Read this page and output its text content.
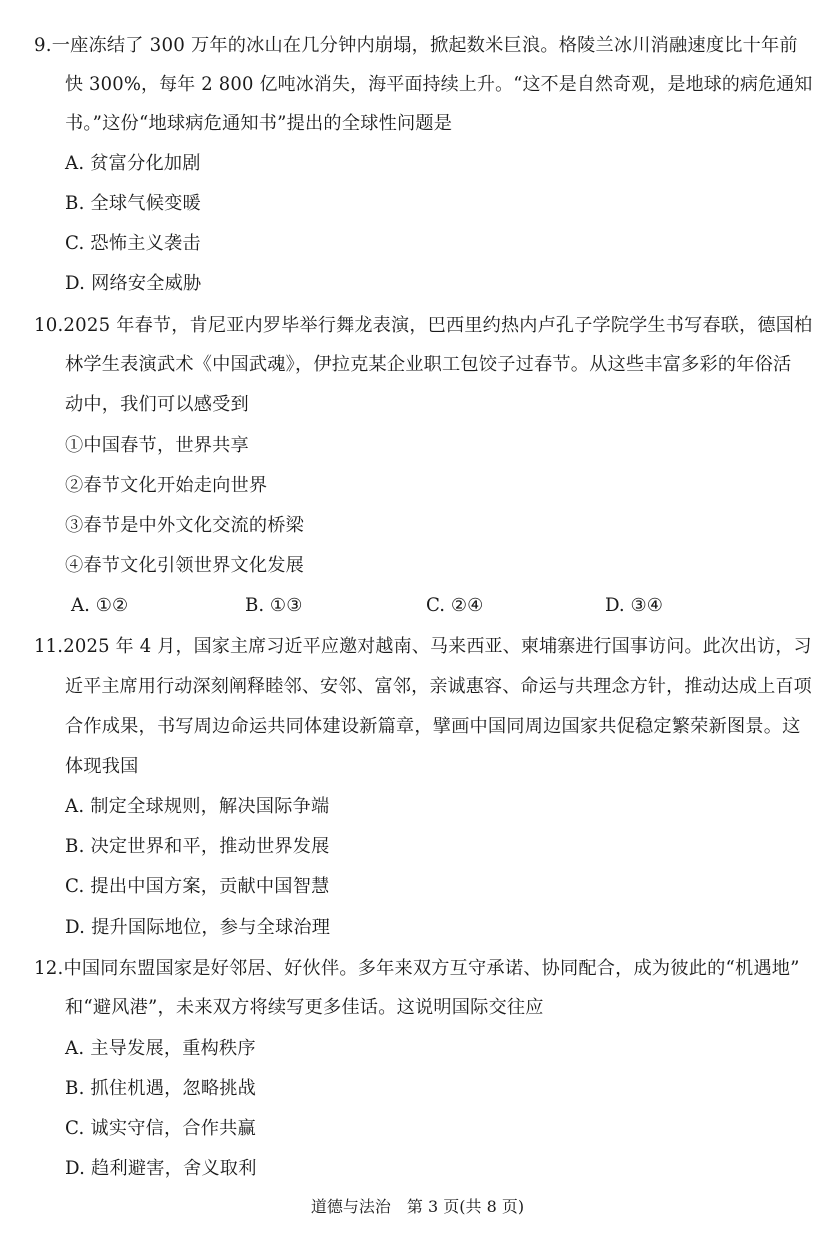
9.一座冻结了 300 万年的冰山在几分钟内崩塌，掀起数米巨浪。格陵兰冰川消融速度比十年前
快 300%，每年 2 800 亿吨冰消失，海平面持续上升。“这不是自然奇观，是地球的病危通知
书。”这份“地球病危通知书”提出的全球性问题是
A. 贫富分化加剧
B. 全球气候变暖
C. 恐怖主义袭击
D. 网络安全威胁
10.2025 年春节，肯尼亚内罗毕举行舞龙表演，巴西里约热内卢孔子学院学生书写春联，德国柏
林学生表演武术《中国武魂》，伊拉克某企业职工包饺子过春节。从这些丰富多彩的年俗活
动中，我们可以感受到
①中国春节，世界共享
②春节文化开始走向世界
③春节是中外文化交流的桥梁
④春节文化引领世界文化发展
A. ①②	B. ①③	C. ②④	D. ③④
11.2025 年 4 月，国家主席习近平应邀对越南、马来西亚、柬埔寨进行国事访问。此次出访，习
近平主席用行动深刻阐释睦邻、安邻、富邻，亲诚惠容、命运与共理念方针，推动达成上百项
合作成果，书写周边命运共同体建设新篇章，擘画中国同周边国家共促稳定繁荣新图景。这
体现我国
A. 制定全球规则，解决国际争端
B. 决定世界和平，推动世界发展
C. 提出中国方案，贡献中国智慧
D. 提升国际地位，参与全球治理
12.中国同东盟国家是好邻居、好伙伴。多年来双方互守承诺、协同配合，成为彼此的“机遇地”
和“避风港”，未来双方将续写更多佳话。这说明国际交往应
A. 主导发展，重构秩序
B. 抓住机遇，忽略挑战
C. 诚实守信，合作共赢
D. 趋利避害，舍义取利
道德与法治　第 3 页(共 8 页)
